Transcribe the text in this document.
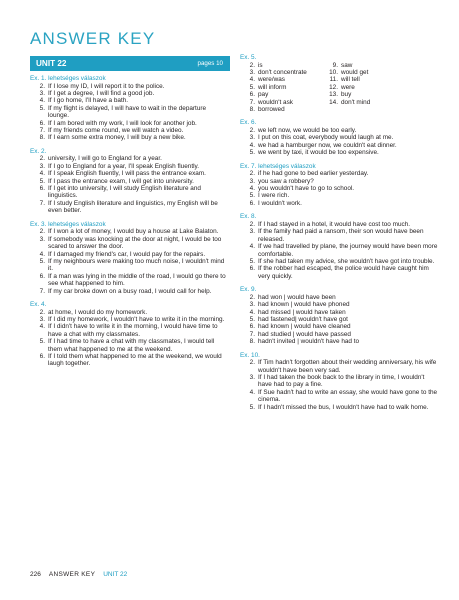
ANSWER KEY
UNIT 22	pages 10
Ex. 1. lehetséges válaszok
2. If I lose my ID, I will report it to the police.
3. If I get a degree, I will find a good job.
4. If I go home, I'll have a bath.
5. If my flight is delayed, I will have to wait in the departure lounge.
6. If I am bored with my work, I will look for another job.
7. If my friends come round, we will watch a video.
8. If I earn some extra money, I will buy a new bike.
Ex. 2.
2. university, I will go to England for a year.
3. If I go to England for a year, I'll speak English fluently.
4. If I speak English fluently, I will pass the entrance exam.
5. If I pass the entrance exam, I will get into university.
6. If I get into university, I will study English literature and linguistics.
7. If I study English literature and linguistics, my English will be even better.
Ex. 3. lehetséges válaszok
2. If I won a lot of money, I would buy a house at Lake Balaton.
3. If somebody was knocking at the door at night, I would be too scared to answer the door.
4. If I damaged my friend's car, I would pay for the repairs.
5. If my neighbours were making too much noise, I wouldn't mind it.
6. If a man was lying in the middle of the road, I would go there to see what happened to him.
7. If my car broke down on a busy road, I would call for help.
Ex. 4.
2. at home, I would do my homework.
3. If I did my homework, I wouldn't have to write it in the morning.
4. If I didn't have to write it in the morning, I would have time to have a chat with my classmates.
5. If I had time to have a chat with my classmates, I would tell them what happened to me at the weekend.
6. If I told them what happened to me at the weekend, we would laugh together.
Ex. 5.
2. is
3. don't concentrate
4. were/was
5. will inform
6. pay
7. wouldn't ask
8. borrowed
9. saw
10. would get
11. will tell
12. were
13. buy
14. don't mind
Ex. 6.
2. we left now, we would be too early.
3. I put on this coat, everybody would laugh at me.
4. we had a hamburger now, we couldn't eat dinner.
5. we went by taxi, it would be too expensive.
Ex. 7. lehetséges válaszok
2. if he had gone to bed earlier yesterday.
3. you saw a robbery?
4. you wouldn't have to go to school.
5. I were rich.
6. I wouldn't work.
Ex. 8.
2. If I had stayed in a hotel, it would have cost too much.
3. If the family had paid a ransom, their son would have been released.
4. If we had travelled by plane, the journey would have been more comfortable.
5. If she had taken my advice, she wouldn't have got into trouble.
6. If the robber had escaped, the police would have caught him very quickly.
Ex. 9.
2. had won | would have been
3. had known | would have phoned
4. had missed | would have taken
5. had fastened| wouldn't have got
6. had known | would have cleaned
7. had studied | would have passed
8. hadn't invited | wouldn't have had to
Ex. 10.
2. If Tim hadn't forgotten about their wedding anniversary, his wife wouldn't have been very sad.
3. If I had taken the book back to the library in time, I wouldn't have had to pay a fine.
4. If Sue hadn't had to write an essay, she would have gone to the cinema.
5. If I hadn't missed the bus, I wouldn't have had to walk home.
226 ANSWER KEY UNIT 22
